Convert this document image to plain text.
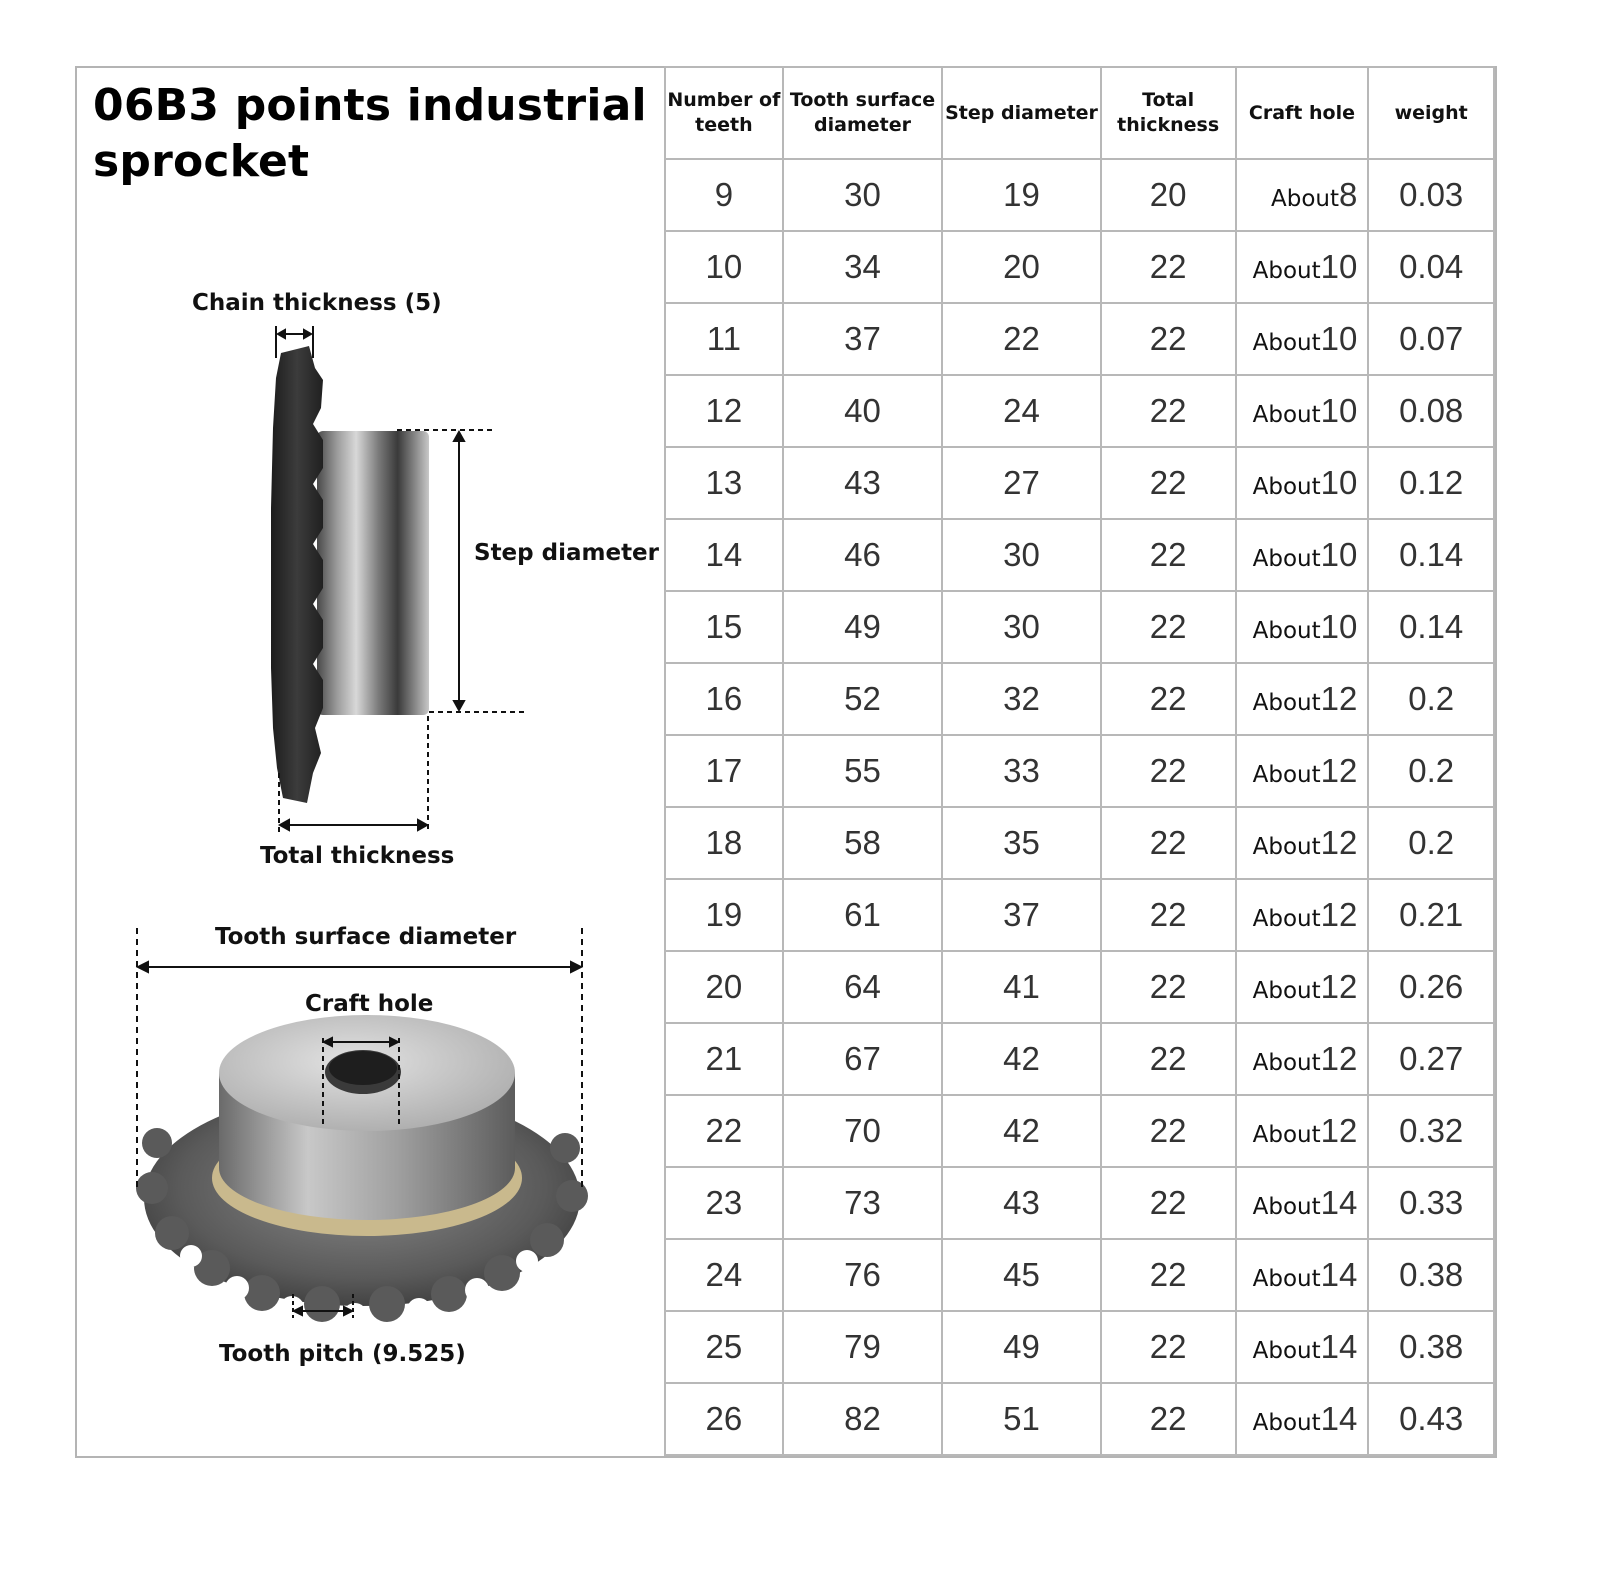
06B3 points industrial sprocket
Chain thickness (5)
Step diameter
Total thickness
Tooth surface diameter
Craft hole
Tooth pitch (9.525)
Number of teeth	Tooth surface diameter	Step diameter	Total thickness	Craft hole	weight
9	30	19	20	About8	0.03
10	34	20	22	About10	0.04
11	37	22	22	About10	0.07
12	40	24	22	About10	0.08
13	43	27	22	About10	0.12
14	46	30	22	About10	0.14
15	49	30	22	About10	0.14
16	52	32	22	About12	0.2
17	55	33	22	About12	0.2
18	58	35	22	About12	0.2
19	61	37	22	About12	0.21
20	64	41	22	About12	0.26
21	67	42	22	About12	0.27
22	70	42	22	About12	0.32
23	73	43	22	About14	0.33
24	76	45	22	About14	0.38
25	79	49	22	About14	0.38
26	82	51	22	About14	0.43
